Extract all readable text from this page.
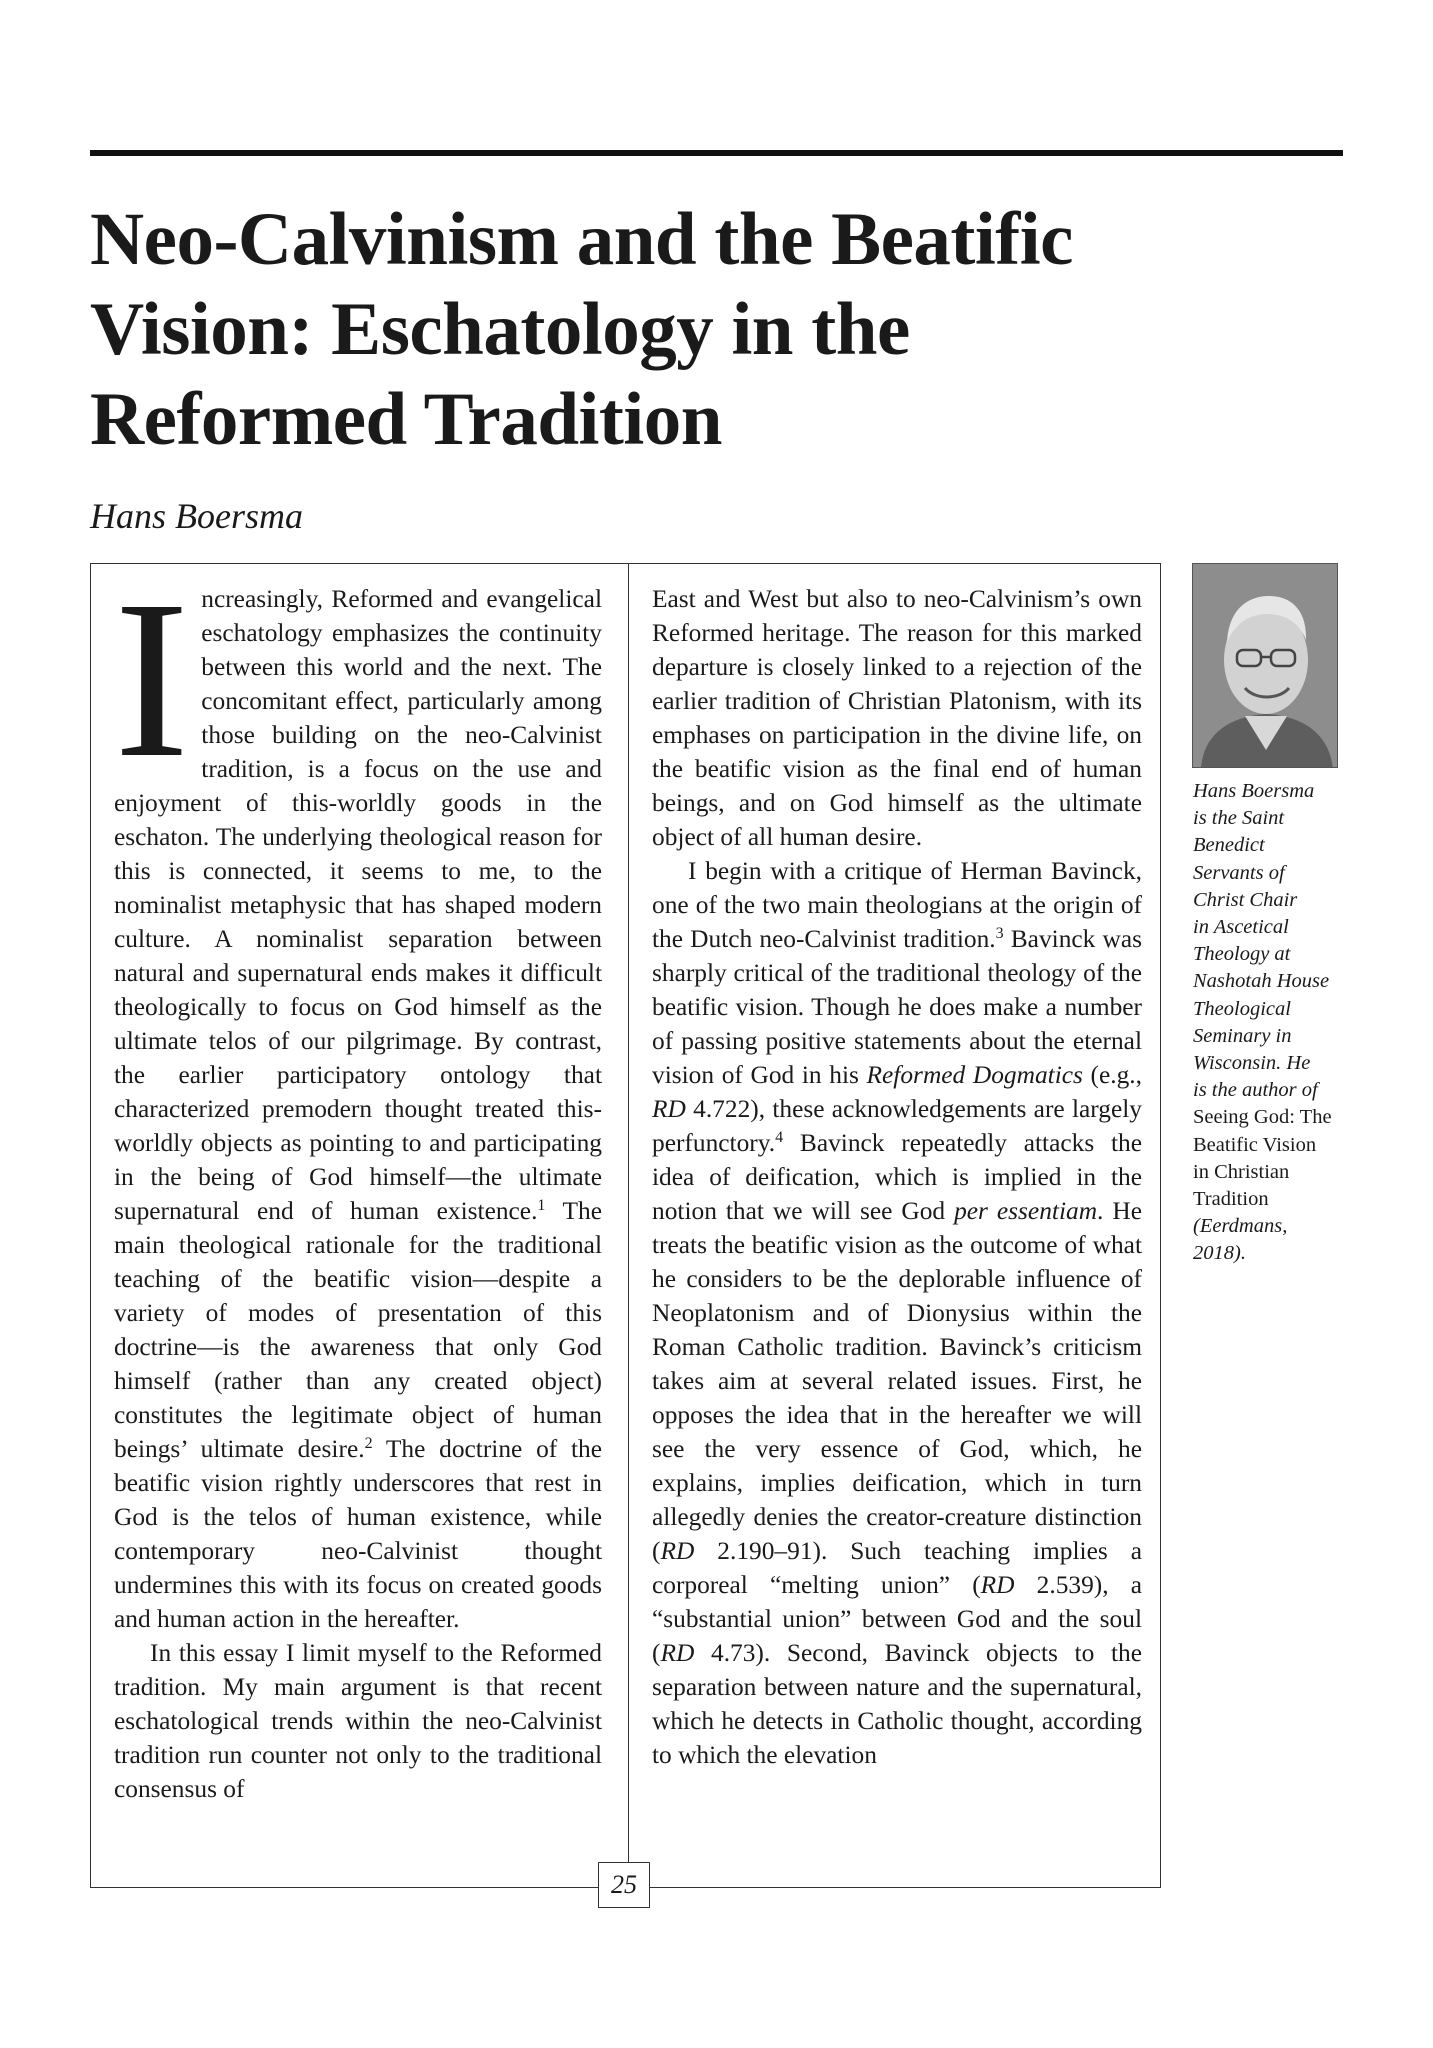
Neo-Calvinism and the Beatific
Vision: Eschatology in the
Reformed Tradition
Hans Boersma

Increasingly, Reformed and evangelical eschatology emphasizes the continuity between this world and the next. The concomitant effect, particularly among those building on the neo-Calvinist tradition, is a focus on the use and enjoyment of this-worldly goods in the eschaton. The underlying theological reason for this is connected, it seems to me, to the nominalist metaphysic that has shaped modern culture. A nominalist separation between natural and supernatural ends makes it difficult theologically to focus on God himself as the ultimate telos of our pilgrimage. By contrast, the earlier participatory ontology that characterized premodern thought treated this-worldly objects as pointing to and participating in the being of God himself—the ultimate supernatural end of human existence.$^1$ The main theological rationale for the traditional teaching of the beatific vision—despite a variety of modes of presentation of this doctrine—is the awareness that only God himself (rather than any created object) constitutes the legitimate object of human beings’ ultimate desire.$^2$ The doctrine of the beatific vision rightly underscores that rest in God is the telos of human existence, while contemporary neo-Calvinist thought undermines this with its focus on created goods and human action in the hereafter.

In this essay I limit myself to the Reformed tradition. My main argument is that recent eschatological trends within the neo-Calvinist tradition run counter not only to the traditional consensus of

East and West but also to neo-Calvinism’s own Reformed heritage. The reason for this marked departure is closely linked to a rejection of the earlier tradition of Christian Platonism, with its emphases on participation in the divine life, on the beatific vision as the final end of human beings, and on God himself as the ultimate object of all human desire.

I begin with a critique of Herman Bavinck, one of the two main theologians at the origin of the Dutch neo-Calvinist tradition.$^3$ Bavinck was sharply critical of the traditional theology of the beatific vision. Though he does make a number of passing positive statements about the eternal vision of God in his Reformed Dogmatics (e.g., RD 4.722), these acknowledgements are largely perfunctory.$^4$ Bavinck repeatedly attacks the idea of deification, which is implied in the notion that we will see God per essentiam. He treats the beatific vision as the outcome of what he considers to be the deplorable influence of Neoplatonism and of Dionysius within the Roman Catholic tradition. Bavinck’s criticism takes aim at several related issues. First, he opposes the idea that in the hereafter we will see the very essence of God, which, he explains, implies deification, which in turn allegedly denies the creator-creature distinction (RD 2.190–91). Such teaching implies a corporeal “melting union” (RD 2.539), a “substantial union” between God and the soul (RD 4.73). Second, Bavinck objects to the separation between nature and the supernatural, which he detects in Catholic thought, according to which the elevation

25
Hans Boersma
is the Saint
Benedict
Servants of
Christ Chair
in Ascetical
Theology at
Nashotah House
Theological
Seminary in
Wisconsin. He
is the author of
Seeing God: The
Beatific Vision
in Christian
Tradition
(Eerdmans,
2018).
